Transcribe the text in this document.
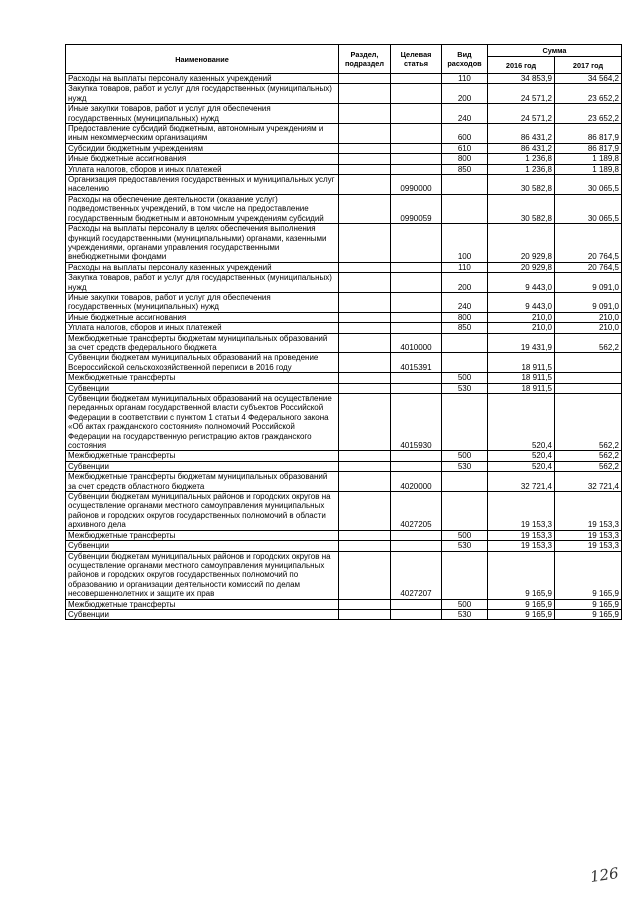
Наименование	Раздел, подраздел	Целевая статья	Вид расходов	Сумма	
				2016 год	2017 год
Расходы на выплаты персоналу казенных учреждений			110	34 853,9	34 564,2
Закупка товаров, работ и услуг для государственных (муниципальных) нужд			200	24 571,2	23 652,2
Иные закупки товаров, работ и услуг для обеспечения государственных (муниципальных) нужд			240	24 571,2	23 652,2
Предоставление субсидий бюджетным, автономным учреждениям и иным некоммерческим организациям			600	86 431,2	86 817,9
Субсидии бюджетным учреждениям			610	86 431,2	86 817,9
Иные бюджетные ассигнования			800	1 236,8	1 189,8
Уплата налогов, сборов и иных платежей			850	1 236,8	1 189,8
Организация предоставления государственных и муниципальных услуг населению		0990000		30 582,8	30 065,5
Расходы на обеспечение деятельности (оказание услуг) подведомственных учреждений, в том числе на предоставление государственным бюджетным и автономным учреждениям субсидий		0990059		30 582,8	30 065,5
Расходы на выплаты персоналу в целях обеспечения выполнения функций государственными (муниципальными) органами, казенными учреждениями, органами управления государственными внебюджетными фондами			100	20 929,8	20 764,5
Расходы на выплаты персоналу казенных учреждений			110	20 929,8	20 764,5
Закупка товаров, работ и услуг для государственных (муниципальных) нужд			200	9 443,0	9 091,0
Иные закупки товаров, работ и услуг для обеспечения государственных (муниципальных) нужд			240	9 443,0	9 091,0
Иные бюджетные ассигнования			800	210,0	210,0
Уплата налогов, сборов и иных платежей			850	210,0	210,0
Межбюджетные трансферты бюджетам муниципальных образований за счет средств федерального бюджета		4010000		19 431,9	562,2
Субвенции бюджетам муниципальных образований на проведение Всероссийской сельскохозяйственной переписи в 2016 году		4015391		18 911,5	
Межбюджетные трансферты			500	18 911,5	
Субвенции			530	18 911,5	
Субвенции бюджетам муниципальных образований на осуществление переданных органам государственной власти субъектов Российской Федерации в соответствии с пунктом 1 статьи 4 Федерального закона «Об актах гражданского состояния» полномочий Российской Федерации на государственную регистрацию актов гражданского состояния		4015930		520,4	562,2
Межбюджетные трансферты			500	520,4	562,2
Субвенции			530	520,4	562,2
Межбюджетные трансферты бюджетам муниципальных образований за счет средств областного бюджета		4020000		32 721,4	32 721,4
Субвенции бюджетам муниципальных районов и городских округов на осуществление органами местного самоуправления муниципальных районов и городских округов государственных полномочий в области архивного дела		4027205		19 153,3	19 153,3
Межбюджетные трансферты			500	19 153,3	19 153,3
Субвенции			530	19 153,3	19 153,3
Субвенции бюджетам муниципальных районов и городских округов на осуществление органами местного самоуправления муниципальных районов и городских округов государственных полномочий по образованию и организации деятельности комиссий по делам несовершеннолетних и защите их прав		4027207		9 165,9	9 165,9
Межбюджетные трансферты			500	9 165,9	9 165,9
Субвенции			530	9 165,9	9 165,9
126
